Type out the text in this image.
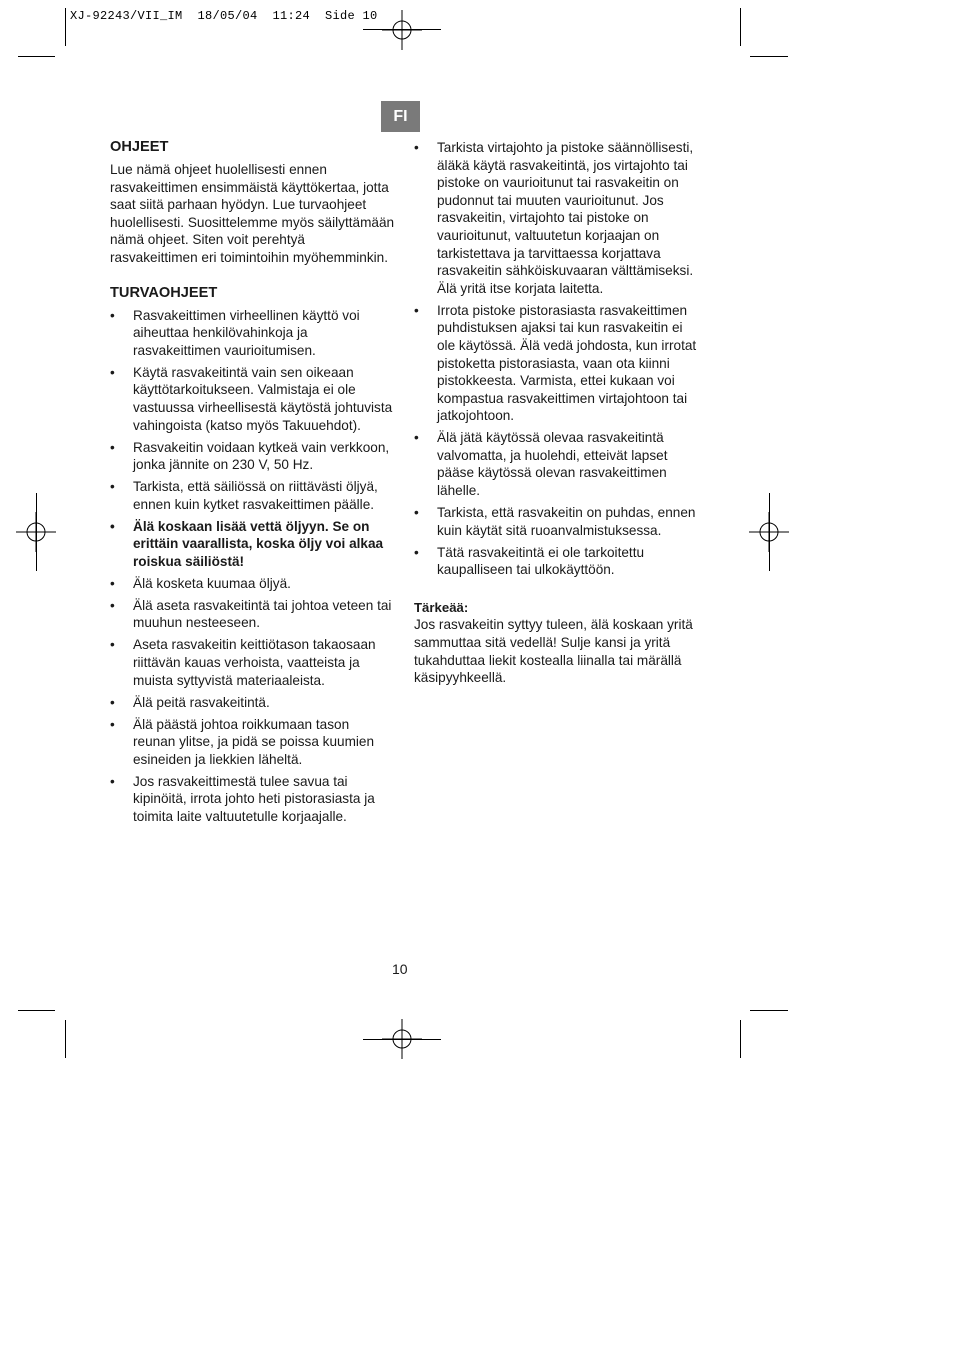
XJ-92243/VII_IM  18/05/04  11:24  Side 10
FI
OHJEET

Lue nämä ohjeet huolellisesti ennen rasvakeittimen ensimmäistä käyttökertaa, jotta saat siitä parhaan hyödyn. Lue turvaohjeet huolellisesti. Suosittelemme myös säilyttämään nämä ohjeet. Siten voit perehtyä rasvakeittimen eri toimintoihin myöhemminkin.

TURVAOHJEET
• Rasvakeittimen virheellinen käyttö voi aiheuttaa henkilövahinkoja ja rasvakeittimen vaurioitumisen.
• Käytä rasvakeitintä vain sen oikeaan käyttötarkoitukseen. Valmistaja ei ole vastuussa virheellisestä käytöstä johtuvista vahingoista (katso myös Takuuehdot).
• Rasvakeitin voidaan kytkeä vain verkkoon, jonka jännite on 230 V, 50 Hz.
• Tarkista, että säiliössä on riittävästi öljyä, ennen kuin kytket rasvakeittimen päälle.
• Älä koskaan lisää vettä öljyyn. Se on erittäin vaarallista, koska öljy voi alkaa roiskua säiliöstä!
• Älä kosketa kuumaa öljyä.
• Älä aseta rasvakeitintä tai johtoa veteen tai muuhun nesteeseen.
• Aseta rasvakeitin keittiötason takaosaan riittävän kauas verhoista, vaatteista ja muista syttyvistä materiaaleista.
• Älä peitä rasvakeitintä.
• Älä päästä johtoa roikkumaan tason reunan ylitse, ja pidä se poissa kuumien esineiden ja liekkien läheltä.
• Jos rasvakeittimestä tulee savua tai kipinöitä, irrota johto heti pistorasiasta ja toimita laite valtuutetulle korjaajalle.
• Tarkista virtajohto ja pistoke säännöllisesti, äläkä käytä rasvakeitintä, jos virtajohto tai pistoke on vaurioitunut tai rasvakeitin on pudonnut tai muuten vaurioitunut. Jos rasvakeitin, virtajohto tai pistoke on vaurioitunut, valtuutetun korjaajan on tarkistettava ja tarvittaessa korjattava rasvakeitin sähköiskuvaaran välttämiseksi. Älä yritä itse korjata laitetta.
• Irrota pistoke pistorasiasta rasvakeittimen puhdistuksen ajaksi tai kun rasvakeitin ei ole käytössä. Älä vedä johdosta, kun irrotat pistoketta pistorasiasta, vaan ota kiinni pistokkeesta. Varmista, ettei kukaan voi kompastua rasvakeittimen virtajohtoon tai jatkojohtoon.
• Älä jätä käytössä olevaa rasvakeitintä valvomatta, ja huolehdi, etteivät lapset pääse käytössä olevan rasvakeittimen lähelle.
• Tarkista, että rasvakeitin on puhdas, ennen kuin käytät sitä ruoanvalmistuksessa.
• Tätä rasvakeitintä ei ole tarkoitettu kaupalliseen tai ulkokäyttöön.
Tärkeää:

Jos rasvakeitin syttyy tuleen, älä koskaan yritä sammuttaa sitä vedellä! Sulje kansi ja yritä tukahduttaa liekit kostealla liinalla tai märällä käsipyyhkeellä.

10
